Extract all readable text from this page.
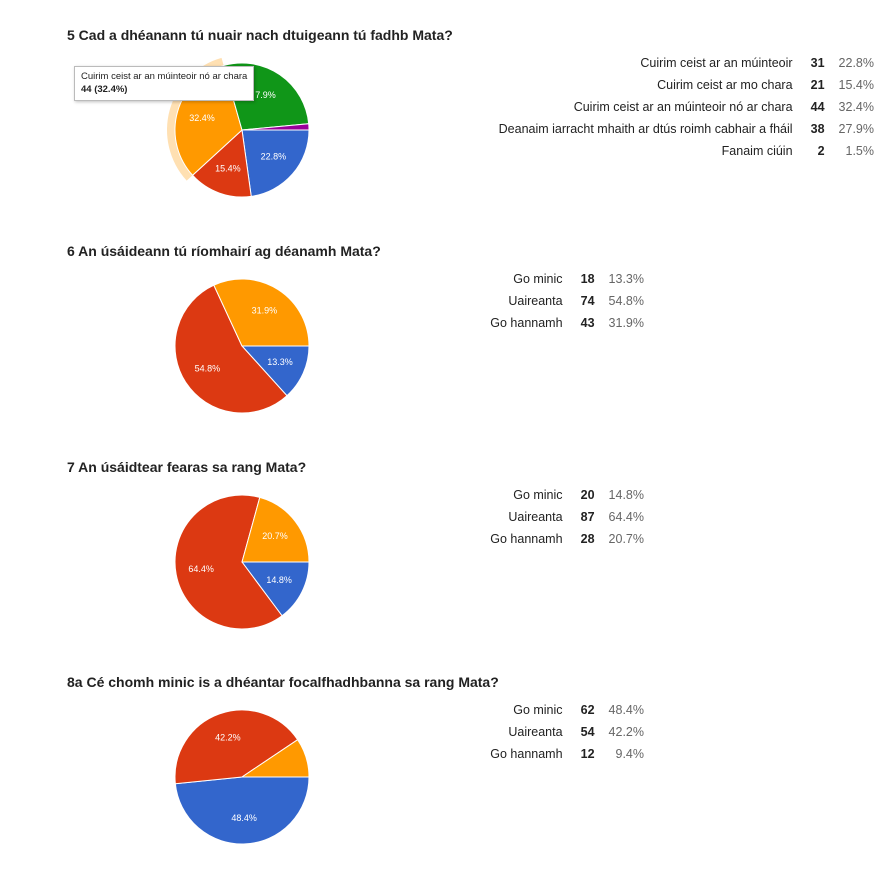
5 Cad a dhéanann tú nuair nach dtuigeann tú fadhb Mata?
22.8%
15.4%
32.4%
7.9%
Cuirim ceist ar an múinteoir	31	22.8%
Cuirim ceist ar mo chara	21	15.4%
Cuirim ceist ar an múinteoir nó ar chara	44	32.4%
Deanaim iarracht mhaith ar dtús roimh cabhair a fháil	38	27.9%
Fanaim ciúin	2	1.5%
Cuirim ceist ar an múinteoir nó ar chara
44 (32.4%)
6 An úsáideann tú ríomhairí ag déanamh Mata?
13.3%
54.8%
31.9%
Go minic	18	13.3%
Uaireanta	74	54.8%
Go hannamh	43	31.9%
7 An úsáidtear fearas sa rang Mata?
14.8%
64.4%
20.7%
Go minic	20	14.8%
Uaireanta	87	64.4%
Go hannamh	28	20.7%
8a Cé chomh minic is a dhéantar focalfhadhbanna sa rang Mata?
48.4%
42.2%
Go minic	62	48.4%
Uaireanta	54	42.2%
Go hannamh	12	9.4%
